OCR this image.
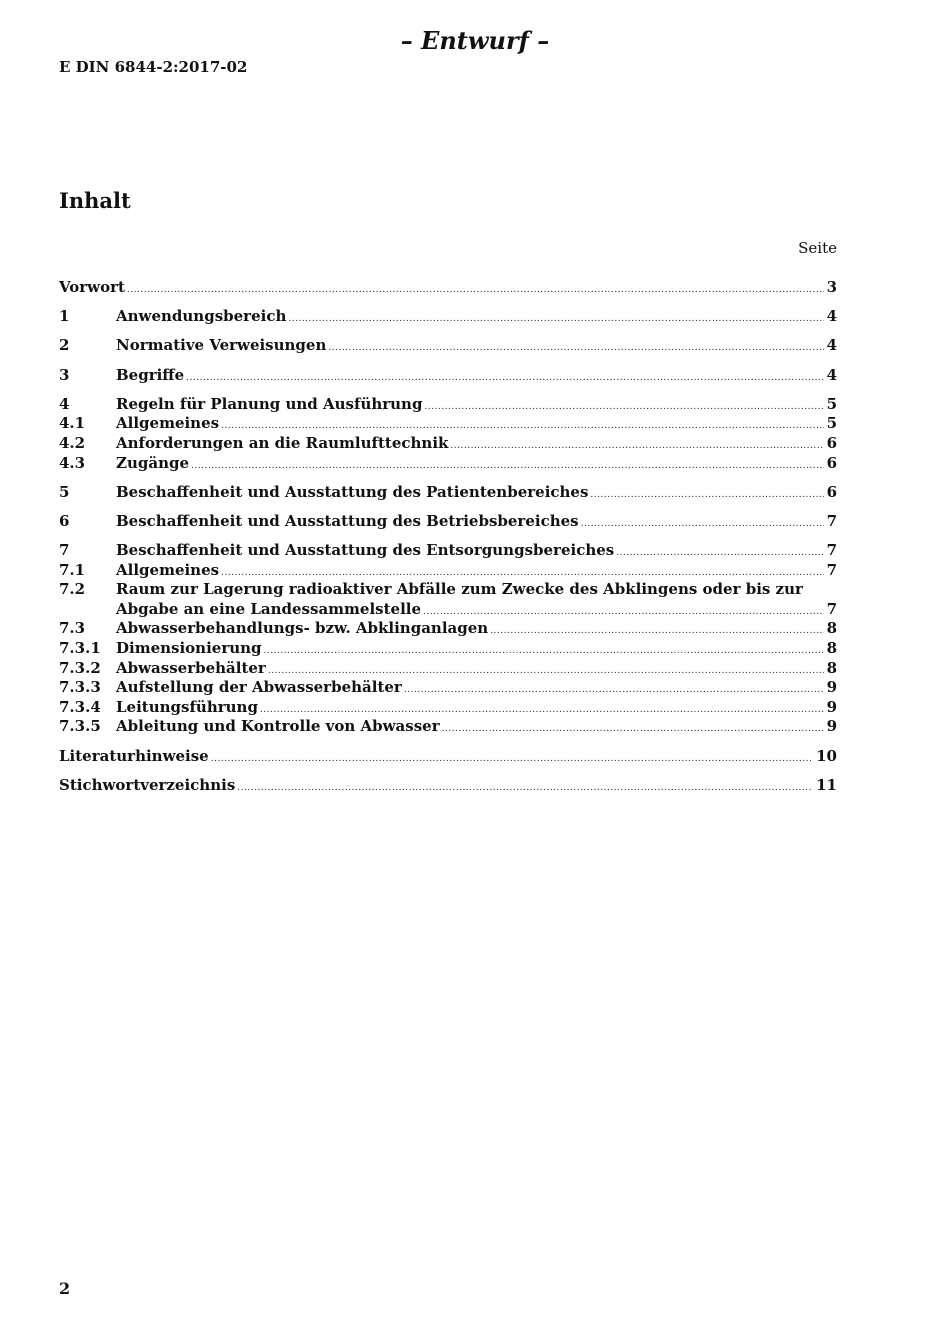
– Entwurf –
E DIN 6844-2:2017-02
Inhalt
Seite
Vorwort .....	3
1	Anwendungsbereich .....	4
2	Normative Verweisungen .....	4
3	Begriffe .....	4
4	Regeln für Planung und Ausführung .....	5
4.1	Allgemeines .....	5
4.2	Anforderungen an die Raumlufttechnik .....	6
4.3	Zugänge .....	6
5	Beschaffenheit und Ausstattung des Patientenbereiches .....	6
6	Beschaffenheit und Ausstattung des Betriebsbereiches .....	7
7	Beschaffenheit und Ausstattung des Entsorgungsbereiches .....	7
7.1	Allgemeines .....	7
7.2	Raum zur Lagerung radioaktiver Abfälle zum Zwecke des Abklingens oder bis zur
Abgabe an eine Landessammelstelle .....	7
7.3	Abwasserbehandlungs- bzw. Abklinganlagen .....	8
7.3.1	Dimensionierung .....	8
7.3.2	Abwasserbehälter .....	8
7.3.3	Aufstellung der Abwasserbehälter .....	9
7.3.4	Leitungsführung .....	9
7.3.5	Ableitung und Kontrolle von Abwasser .....	9
Literaturhinweise .....	10
Stichwortverzeichnis .....	11
2
